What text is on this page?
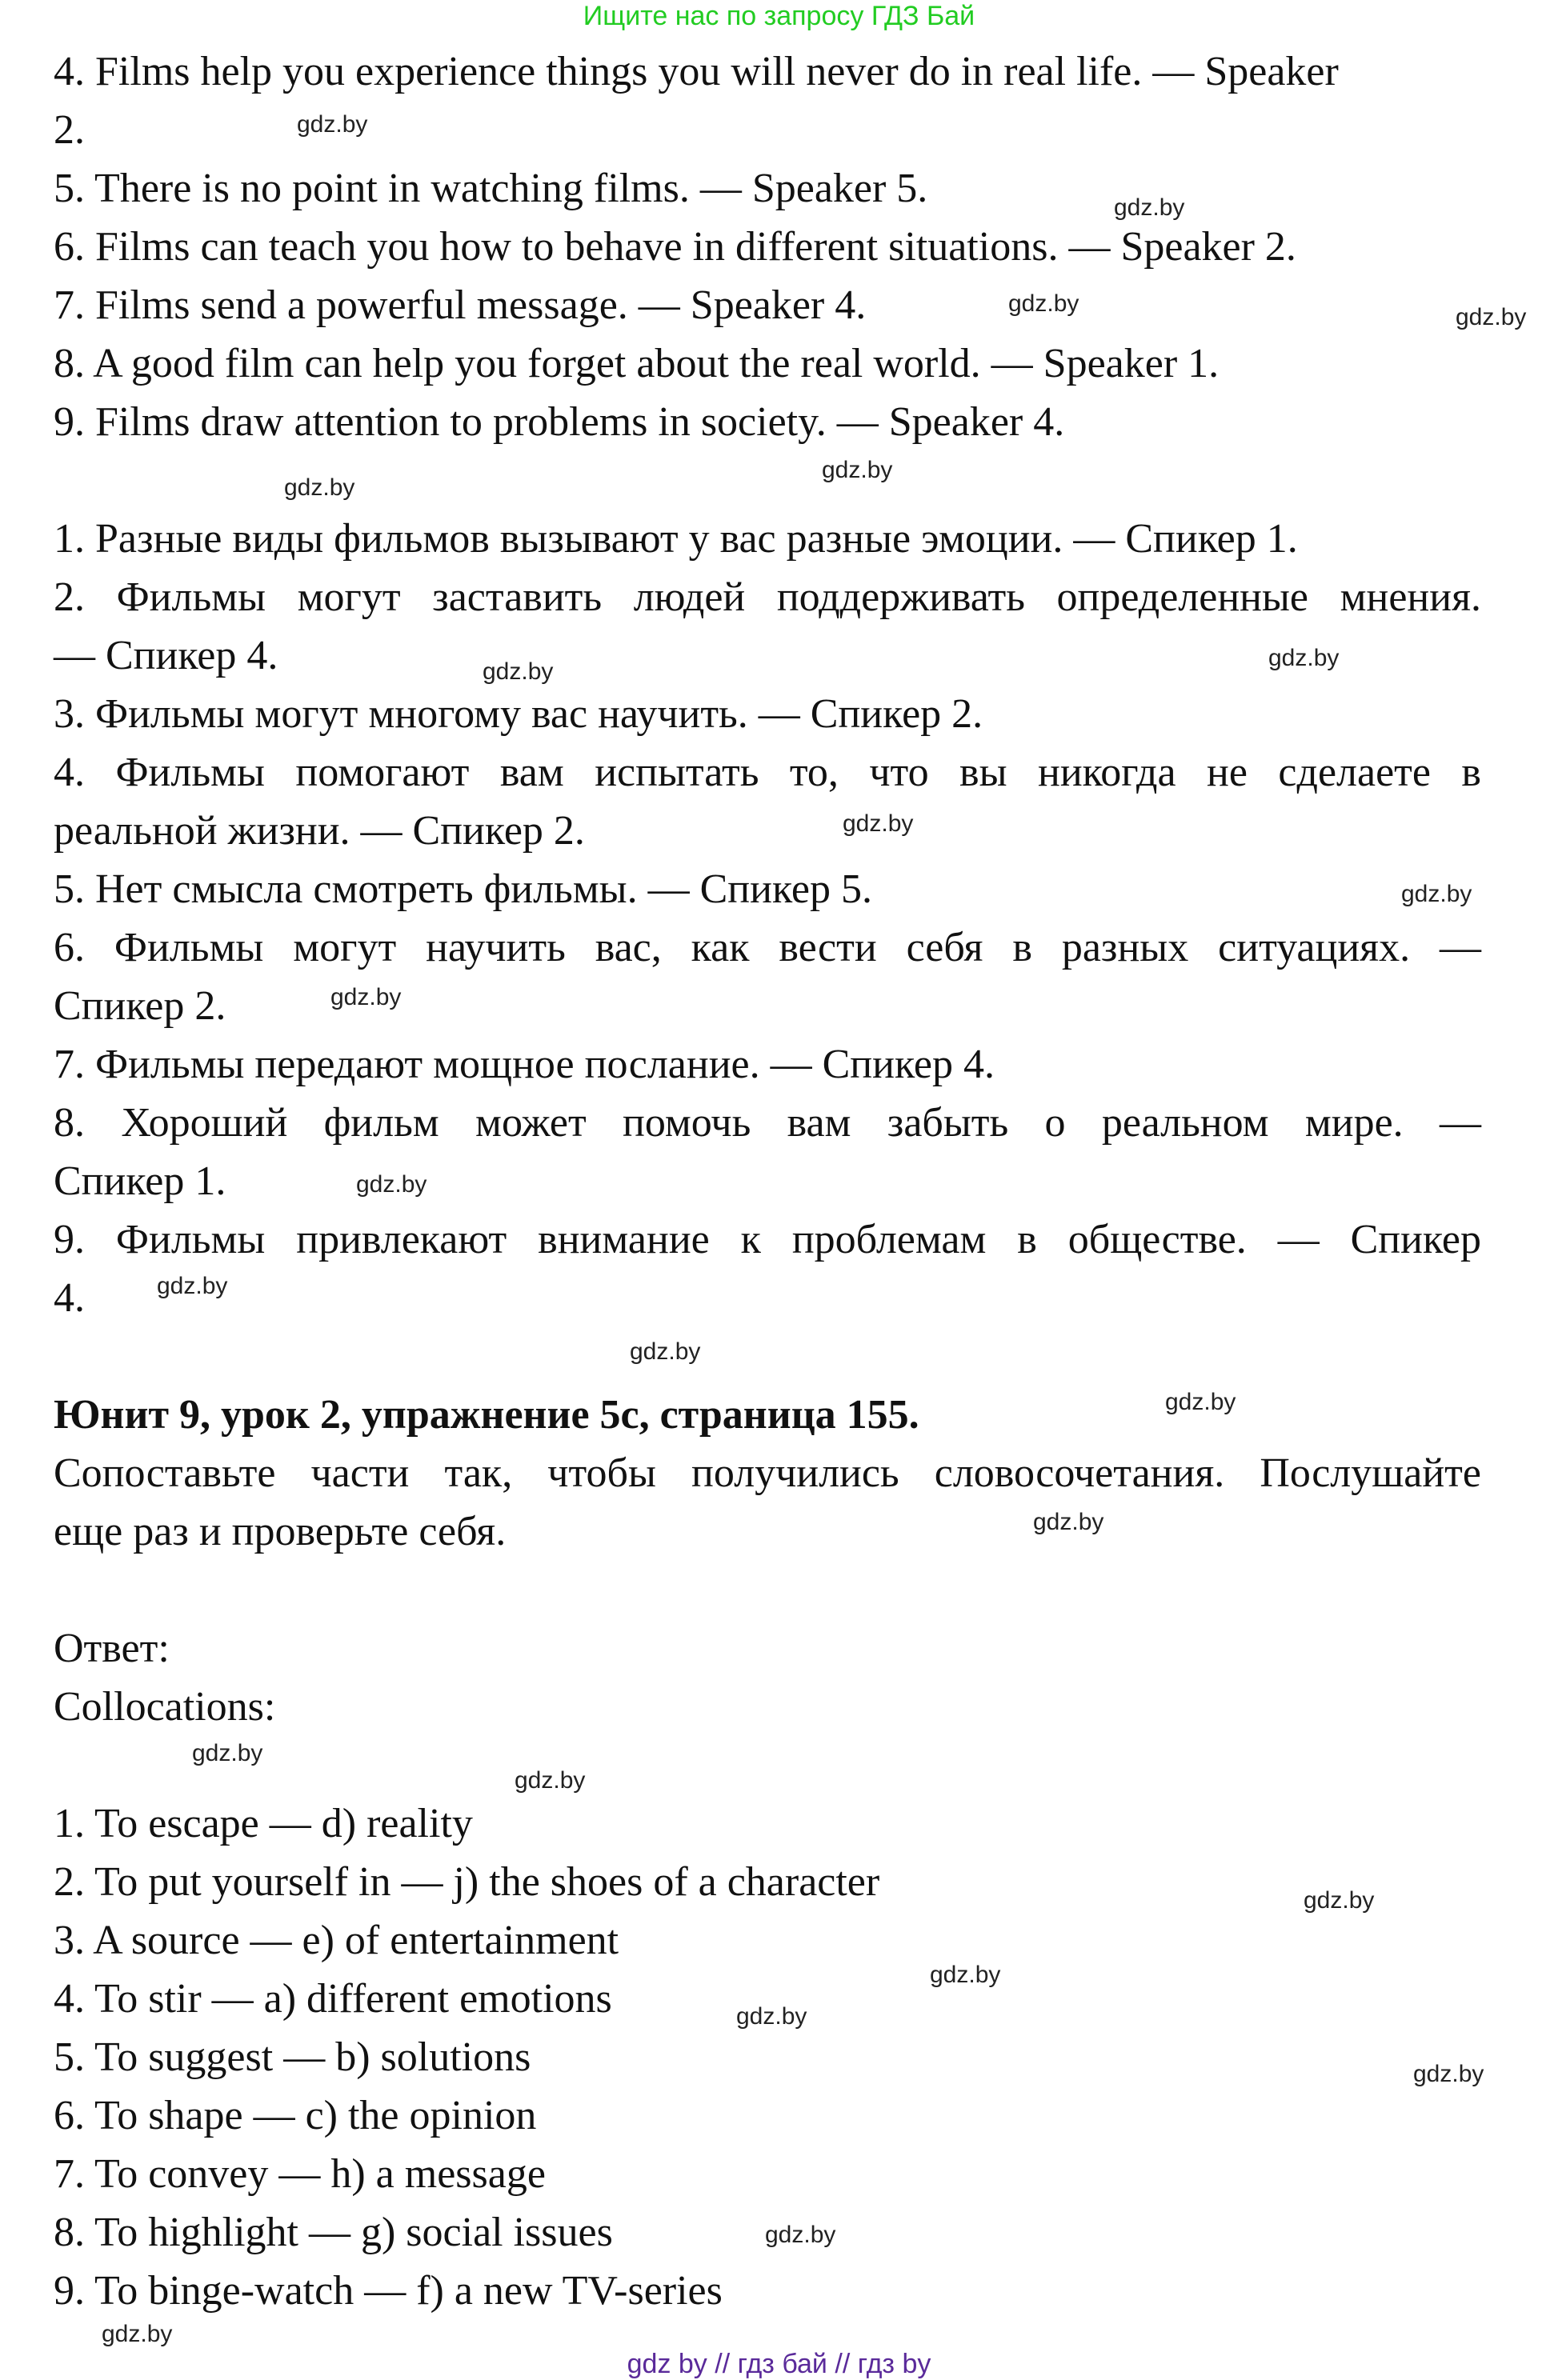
Ищите нас по запросу ГДЗ Бай
4. Films help you experience things you will never do in real life. — Speaker
2.
5. There is no point in watching films. — Speaker 5.
6. Films can teach you how to behave in different situations. — Speaker 2.
7. Films send a powerful message. — Speaker 4.
8. A good film can help you forget about the real world. — Speaker 1.
9. Films draw attention to problems in society. — Speaker 4.
1. Разные виды фильмов вызывают у вас разные эмоции. — Спикер 1.
2. Фильмы могут заставить людей поддерживать определенные мнения.
— Спикер 4.
3. Фильмы могут многому вас научить. — Спикер 2.
4. Фильмы помогают вам испытать то, что вы никогда не сделаете в
реальной жизни. — Спикер 2.
5. Нет смысла смотреть фильмы. — Спикер 5.
6. Фильмы могут научить вас, как вести себя в разных ситуациях. —
Спикер 2.
7. Фильмы передают мощное послание. — Спикер 4.
8. Хороший фильм может помочь вам забыть о реальном мире. —
Спикер 1.
9. Фильмы привлекают внимание к проблемам в обществе. — Спикер
4.
Юнит 9, урок 2, упражнение 5c, страница 155.
Сопоставьте части так, чтобы получились словосочетания. Послушайте
еще раз и проверьте себя.
Ответ:
Collocations:
1. To escape — d) reality
2. To put yourself in — j) the shoes of a character
3. A source — e) of entertainment
4. To stir — a) different emotions
5. To suggest — b) solutions
6. To shape — c) the opinion
7. To convey — h) a message
8. To highlight — g) social issues
9. To binge-watch — f) a new TV-series
gdz.by
gdz.by
gdz.by
gdz.by
gdz.by
gdz.by
gdz.by
gdz.by
gdz.by
gdz.by
gdz.by
gdz.by
gdz.by
gdz.by
gdz.by
gdz.by
gdz.by
gdz.by
gdz.by
gdz.by
gdz.by
gdz.by
gdz.by
gdz.by
gdz by // гдз бай // гдз by
